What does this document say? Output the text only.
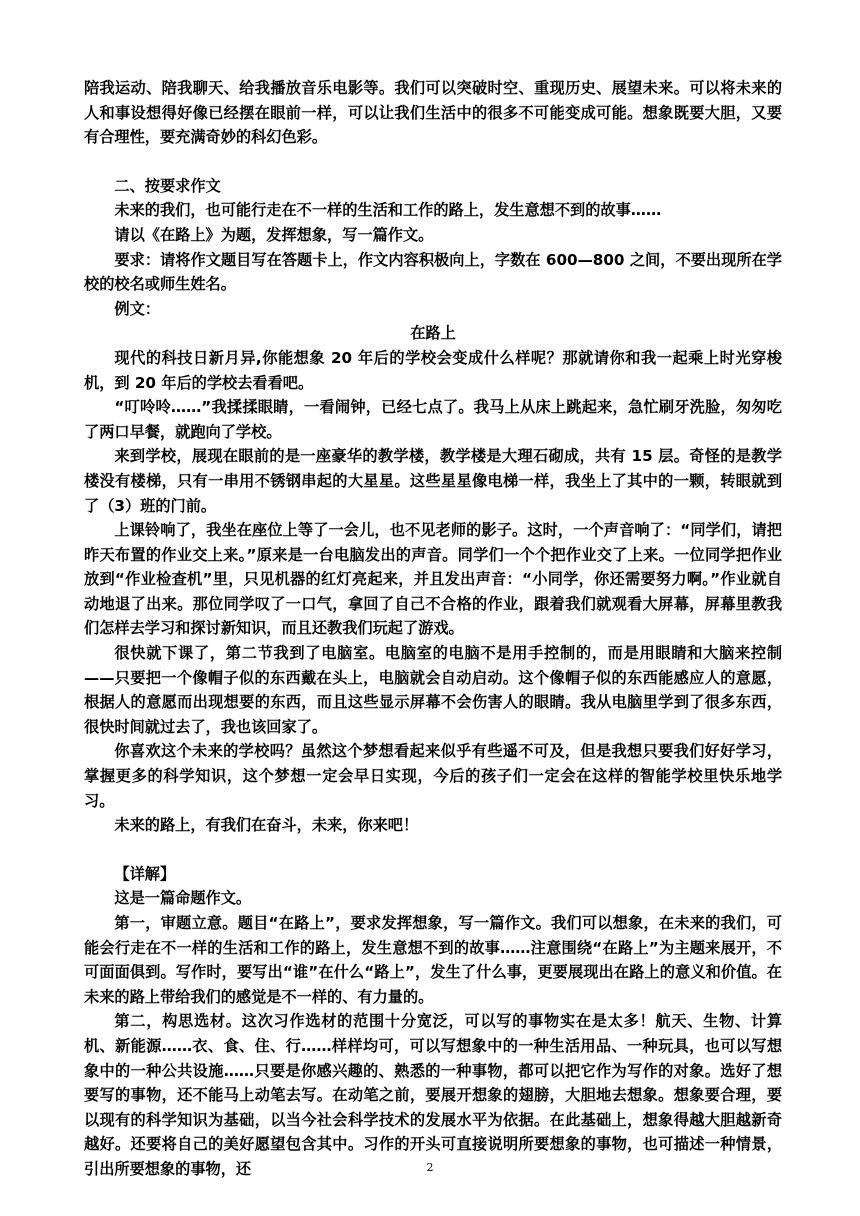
陪我运动、陪我聊天、给我播放音乐电影等。我们可以突破时空、重现历史、展望未来。可以将未来的人和事设想得好像已经摆在眼前一样，可以让我们生活中的很多不可能变成可能。想象既要大胆，又要有合理性，要充满奇妙的科幻色彩。

二、按要求作文

未来的我们，也可能行走在不一样的生活和工作的路上，发生意想不到的故事……

请以《在路上》为题，发挥想象，写一篇作文。

要求：请将作文题目写在答题卡上，作文内容积极向上，字数在 600—800 之间，不要出现所在学校的校名或师生姓名。

例文：

在路上

现代的科技日新月异,你能想象 20 年后的学校会变成什么样呢？那就请你和我一起乘上时光穿梭机，到 20 年后的学校去看看吧。

“叮呤呤……”我揉揉眼睛，一看闹钟，已经七点了。我马上从床上跳起来，急忙刷牙洗脸，匆匆吃了两口早餐，就跑向了学校。

来到学校，展现在眼前的是一座豪华的教学楼，教学楼是大理石砌成，共有 15 层。奇怪的是教学楼没有楼梯，只有一串用不锈钢串起的大星星。这些星星像电梯一样，我坐上了其中的一颗，转眼就到了（3）班的门前。

上课铃响了，我坐在座位上等了一会儿，也不见老师的影子。这时，一个声音响了：“同学们，请把昨天布置的作业交上来。”原来是一台电脑发出的声音。同学们一个个把作业交了上来。一位同学把作业放到“作业检查机”里，只见机器的红灯亮起来，并且发出声音：“小同学，你还需要努力啊。”作业就自动地退了出来。那位同学叹了一口气，拿回了自己不合格的作业，跟着我们就观看大屏幕，屏幕里教我们怎样去学习和探讨新知识，而且还教我们玩起了游戏。

很快就下课了，第二节我到了电脑室。电脑室的电脑不是用手控制的，而是用眼睛和大脑来控制——只要把一个像帽子似的东西戴在头上，电脑就会自动启动。这个像帽子似的东西能感应人的意愿，根据人的意愿而出现想要的东西，而且这些显示屏幕不会伤害人的眼睛。我从电脑里学到了很多东西，很快时间就过去了，我也该回家了。

你喜欢这个未来的学校吗？虽然这个梦想看起来似乎有些遥不可及，但是我想只要我们好好学习，掌握更多的科学知识，这个梦想一定会早日实现，今后的孩子们一定会在这样的智能学校里快乐地学习。

未来的路上，有我们在奋斗，未来，你来吧！

【详解】

这是一篇命题作文。

第一，审题立意。题目“在路上”，要求发挥想象，写一篇作文。我们可以想象，在未来的我们，可能会行走在不一样的生活和工作的路上，发生意想不到的故事……注意围绕“在路上”为主题来展开，不可面面俱到。写作时，要写出“谁”在什么“路上”，发生了什么事，更要展现出在路上的意义和价值。在未来的路上带给我们的感觉是不一样的、有力量的。

第二，构思选材。这次习作选材的范围十分宽泛，可以写的事物实在是太多！航天、生物、计算机、新能源……衣、食、住、行……样样均可，可以写想象中的一种生活用品、一种玩具，也可以写想象中的一种公共设施……只要是你感兴趣的、熟悉的一种事物，都可以把它作为写作的对象。选好了想要写的事物，还不能马上动笔去写。在动笔之前，要展开想象的翅膀，大胆地去想象。想象要合理，要以现有的科学知识为基础，以当今社会科学技术的发展水平为依据。在此基础上，想象得越大胆越新奇越好。还要将自己的美好愿望包含其中。习作的开头可直接说明所要想象的事物，也可描述一种情景，引出所要想象的事物，还	2
